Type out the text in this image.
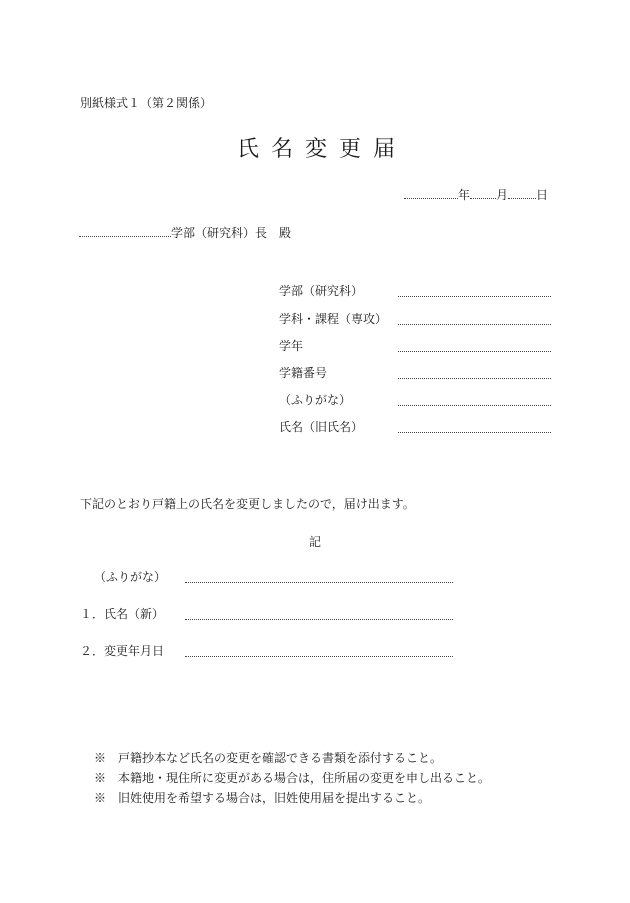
別紙様式１（第２関係）
氏名変更届
年 月 日
学部（研究科）長　殿
学部（研究科）
学科・課程（専攻）
学年
学籍番号
（ふりがな）
氏名（旧氏名）
下記のとおり戸籍上の氏名を変更しましたので，届け出ます。
記
（ふりがな）
１．氏名（新）
２．変更年月日
※　戸籍抄本など氏名の変更を確認できる書類を添付すること。
※　本籍地・現住所に変更がある場合は，住所届の変更を申し出ること。
※　旧姓使用を希望する場合は，旧姓使用届を提出すること。
